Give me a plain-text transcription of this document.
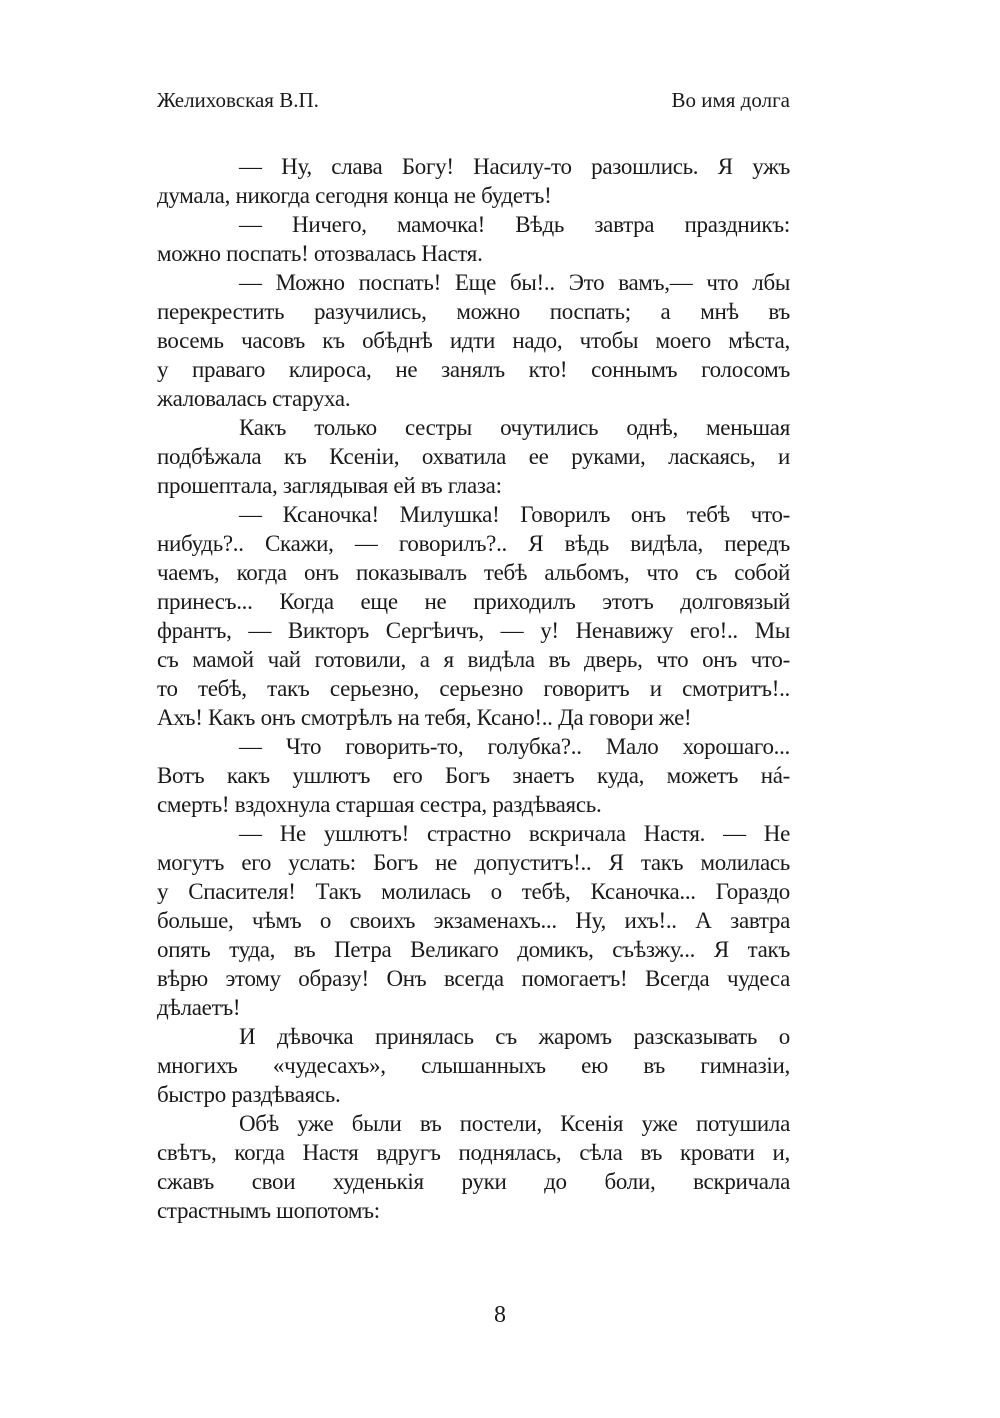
Желиховская В.П.	Во имя долга
— Ну, слава Богу! Насилу-то разошлись. Я ужъ
думала, никогда сегодня конца не будетъ!
— Ничего, мамочка! Вѣдь завтра праздникъ:
можно поспать! отозвалась Настя.
— Можно поспать! Еще бы!.. Это вамъ,— что лбы
перекрестить разучились, можно поспать; а мнѣ въ
восемь часовъ къ обѣднѣ идти надо, чтобы моего мѣста,
у праваго клироса, не занялъ кто! соннымъ голосомъ
жаловалась старуха.
Какъ только сестры очутились однѣ, меньшая
подбѣжала къ Ксеніи, охватила ее руками, ласкаясь, и
прошептала, заглядывая ей въ глаза:
— Ксаночка! Милушка! Говорилъ онъ тебѣ что-
нибудь?.. Скажи, — говорилъ?.. Я вѣдь видѣла, передъ
чаемъ, когда онъ показывалъ тебѣ альбомъ, что съ собой
принесъ... Когда еще не приходилъ этотъ долговязый
франтъ, — Викторъ Сергѣичъ, — у! Ненавижу его!.. Мы
съ мамой чай готовили, а я видѣла въ дверь, что онъ что-
то тебѣ, такъ серьезно, серьезно говоритъ и смотритъ!..
Ахъ! Какъ онъ смотрѣлъ на тебя, Ксано!.. Да говори же!
— Что говорить-то, голубка?.. Мало хорошаго...
Вотъ какъ ушлютъ его Богъ знаетъ куда, можетъ нá-
смерть! вздохнула старшая сестра, раздѣваясь.
— Не ушлютъ! страстно вскричала Настя. — Не
могутъ его услать: Богъ не допуститъ!.. Я такъ молилась
у Спасителя! Такъ молилась о тебѣ, Ксаночка... Гораздо
больше, чѣмъ о своихъ экзаменахъ... Ну, ихъ!.. А завтра
опять туда, въ Петра Великаго домикъ, съѣзжу... Я такъ
вѣрю этому образу! Онъ всегда помогаетъ! Всегда чудеса
дѣлаетъ!
И дѣвочка принялась съ жаромъ разсказывать о
многихъ «чудесахъ», слышанныхъ ею въ гимназіи,
быстро раздѣваясь.
Обѣ уже были въ постели, Ксенія уже потушила
свѣтъ, когда Настя вдругъ поднялась, сѣла въ кровати и,
сжавъ свои худенькія руки до боли, вскричала
страстнымъ шопотомъ:
8
